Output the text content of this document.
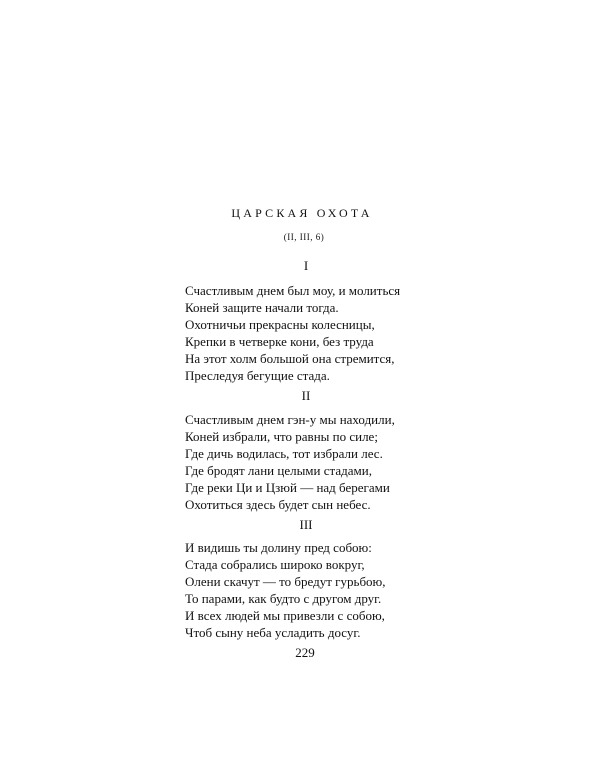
ЦАРСКАЯ ОХОТА
(II, III, 6)
I
Счастливым днем был моу, и молиться
Коней защите начали тогда.
Охотничьи прекрасны колесницы,
Крепки в четверке кони, без труда
На этот холм большой она стремится,
Преследуя бегущие стада.
II
Счастливым днем гэн-у мы находили,
Коней избрали, что равны по силе;
Где дичь водилась, тот избрали лес.
Где бродят лани целыми стадами,
Где реки Ци и Цзюй — над берегами
Охотиться здесь будет сын небес.
III
И видишь ты долину пред собою:
Стада собрались широко вокруг,
Олени скачут — то бредут гурьбою,
То парами, как будто с другом друг.
И всех людей мы привезли с собою,
Чтоб сыну неба усладить досуг.
229
